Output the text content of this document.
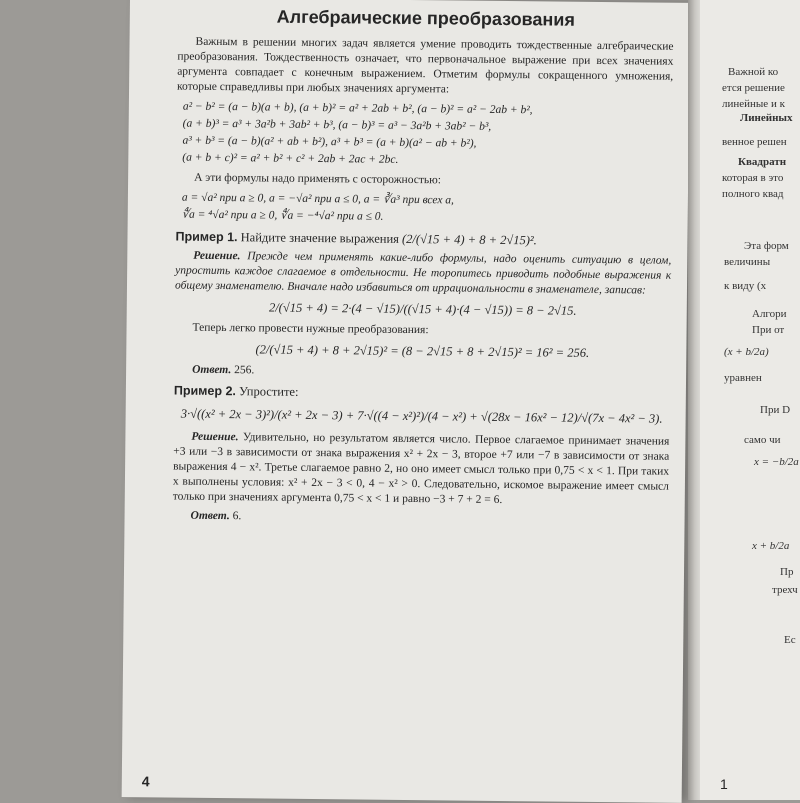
Алгебраические преобразования

Важным в решении многих задач является умение проводить тождественные алгебраические преобразования. Тождественность означает, что первоначальное выражение при всех значениях аргумента совпадает с конечным выражением. Отметим формулы сокращенного умножения, которые справедливы при любых значениях аргумента:

a² − b² = (a − b)(a + b), (a + b)² = a² + 2ab + b², (a − b)² = a² − 2ab + b²,
(a + b)³ = a³ + 3a²b + 3ab² + b³, (a − b)³ = a³ − 3a²b + 3ab² − b³,
a³ + b³ = (a − b)(a² + ab + b²), a³ + b³ = (a + b)(a² − ab + b²),
(a + b + c)² = a² + b² + c² + 2ab + 2ac + 2bc.

А эти формулы надо применять с осторожностью:

a = √a² при a ≥ 0, a = −√a² при a ≤ 0, a = ∛a³ при всех a,
∜a = ⁴√a² при a ≥ 0, ∜a = −⁴√a² при a ≤ 0.
Пример 1. Найдите значение выражения (2/(√15 + 4) + 8 + 2√15)².

Решение. Прежде чем применять какие-либо формулы, надо оценить ситуацию в целом, упростить каждое слагаемое в отдельности. Не торопитесь приводить подобные выражения к общему знаменателю. Вначале надо избавиться от иррациональности в знаменателе, записав:

2/(√15 + 4) = 2·(4 − √15)/((√15 + 4)·(4 − √15)) = 8 − 2√15.

Теперь легко провести нужные преобразования:

(2/(√15 + 4) + 8 + 2√15)² = (8 − 2√15 + 8 + 2√15)² = 16² = 256.

Ответ. 256.

Пример 2. Упростите:
3·√((x² + 2x − 3)²)/(x² + 2x − 3) + 7·√((4 − x²)²)/(4 − x²) + √(28x − 16x² − 12)/√(7x − 4x² − 3).

Решение. Удивительно, но результатом является число. Первое слагаемое принимает значения +3 или −3 в зависимости от знака выражения x² + 2x − 3, второе +7 или −7 в зависимости от знака выражения 4 − x². Третье слагаемое равно 2, но оно имеет смысл только при 0,75 < x < 1. При таких x выполнены условия: x² + 2x − 3 < 0, 4 − x² > 0. Следовательно, искомое выражение имеет смысл только при значениях аргумента 0,75 < x < 1 и равно −3 + 7 + 2 = 6.

Ответ. 6.

4
Важной ко
ется решение
линейные и к
Линейных
венное решен
Квадратн
которая в это
полного квад
Эта форм
величины
к виду (x
Алгори
При от
(x + b/2a)
уравнен
При D
само чи
x = −b/2a
x + b/2a
Пр
трехч
Ес
1
